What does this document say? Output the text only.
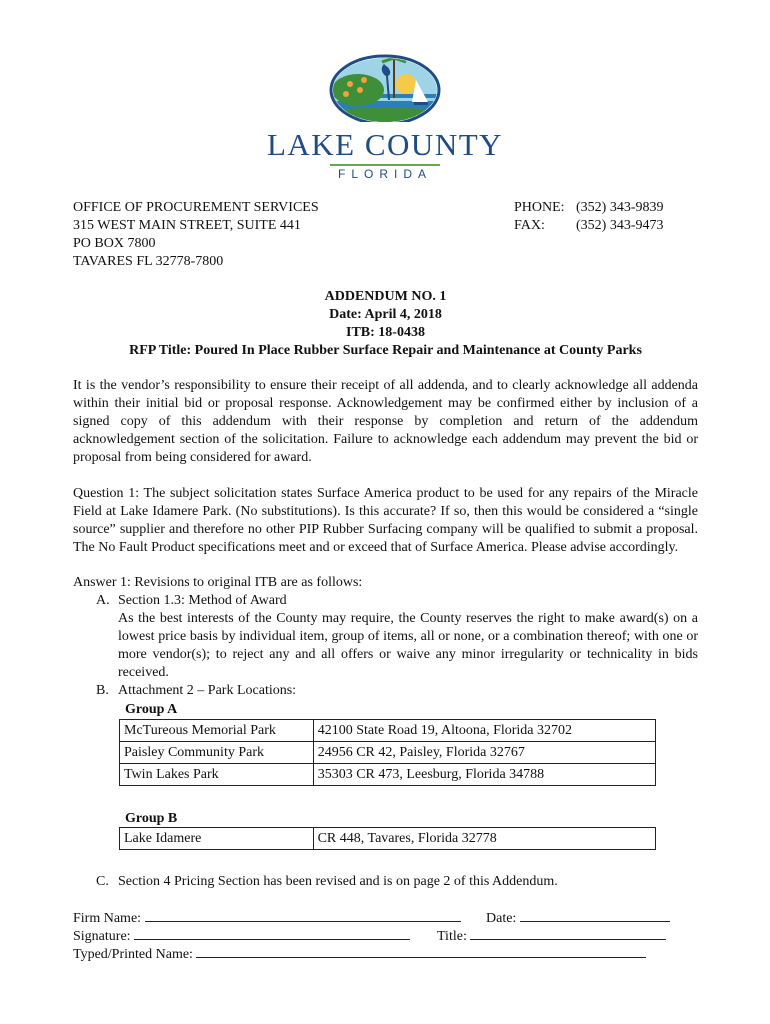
LAKE COUNTY
FLORIDA
OFFICE OF PROCUREMENT SERVICES
315 WEST MAIN STREET, SUITE 441
PO BOX 7800
TAVARES FL 32778-7800
PHONE: (352) 343-9839
FAX: (352) 343-9473
ADDENDUM NO. 1
Date: April 4, 2018
ITB: 18-0438
RFP Title: Poured In Place Rubber Surface Repair and Maintenance at County Parks
It is the vendor’s responsibility to ensure their receipt of all addenda, and to clearly acknowledge all addenda within their initial bid or proposal response. Acknowledgement may be confirmed either by inclusion of a signed copy of this addendum with their response by completion and return of the addendum acknowledgement section of the solicitation. Failure to acknowledge each addendum may prevent the bid or proposal from being considered for award.
Question 1: The subject solicitation states Surface America product to be used for any repairs of the Miracle Field at Lake Idamere Park. (No substitutions). Is this accurate? If so, then this would be considered a “single source” supplier and therefore no other PIP Rubber Surfacing company will be qualified to submit a proposal. The No Fault Product specifications meet and or exceed that of Surface America. Please advise accordingly.
Answer 1: Revisions to original ITB are as follows:
A. Section 1.3: Method of Award
As the best interests of the County may require, the County reserves the right to make award(s) on a lowest price basis by individual item, group of items, all or none, or a combination thereof; with one or more vendor(s); to reject any and all offers or waive any minor irregularity or technicality in bids received.
B. Attachment 2 – Park Locations:
Group A
McTureous Memorial Park	42100 State Road 19, Altoona, Florida 32702
Paisley Community Park	24956 CR 42, Paisley, Florida 32767
Twin Lakes Park	35303 CR 473, Leesburg, Florida 34788
Group B
Lake Idamere	CR 448, Tavares, Florida 32778
C. Section 4 Pricing Section has been revised and is on page 2 of this Addendum.
Firm Name:	Date:
Signature:	Title:
Typed/Printed Name:
